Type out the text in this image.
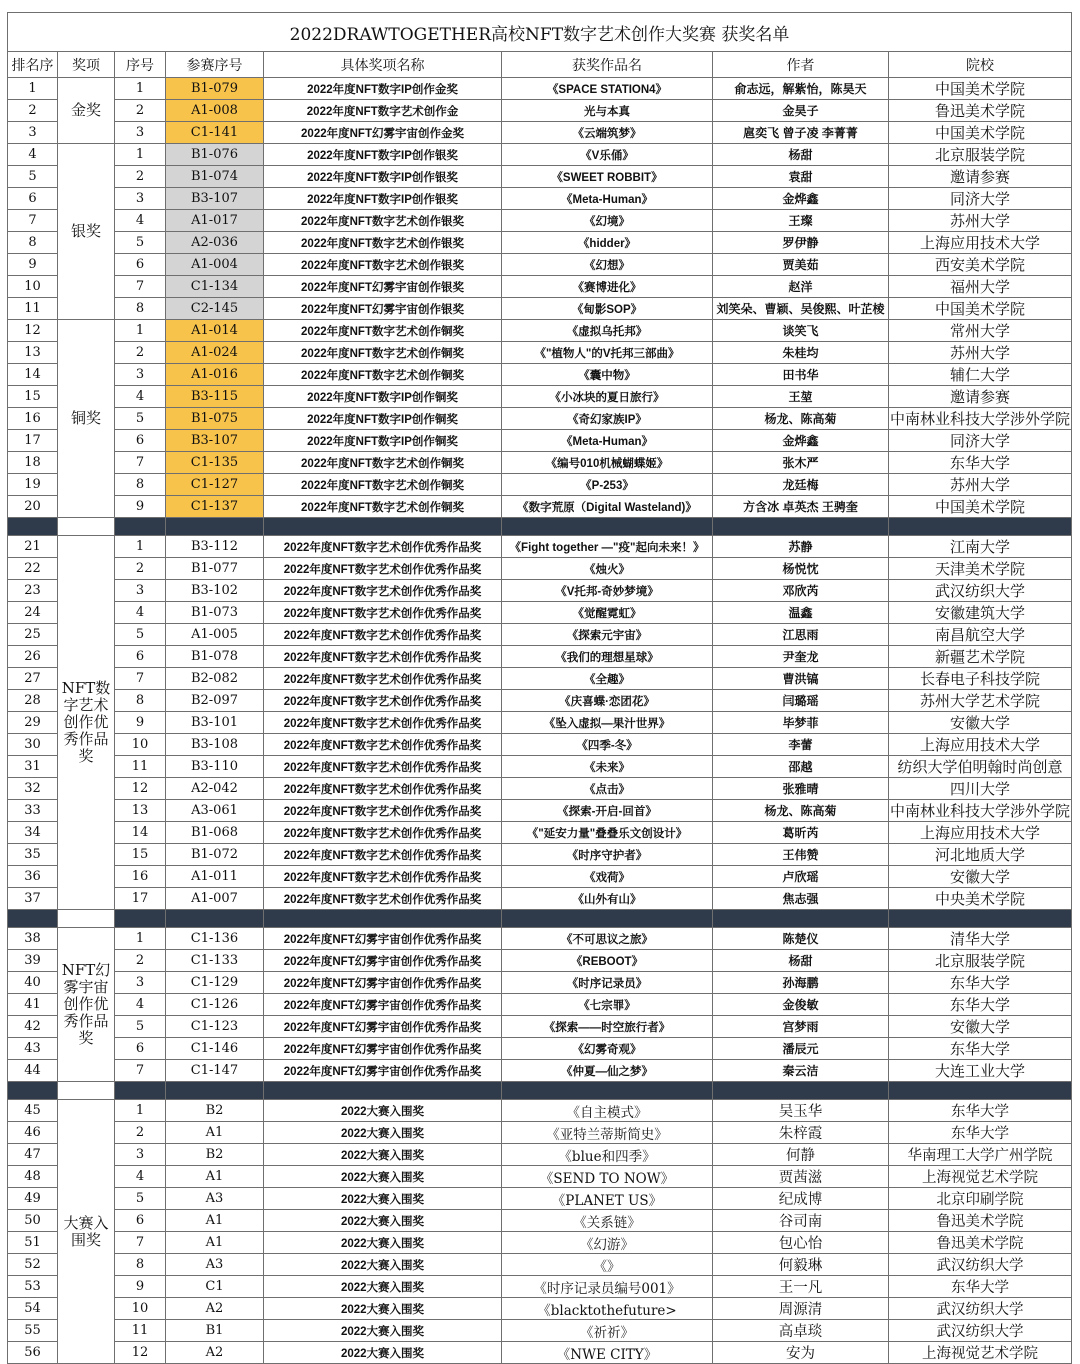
2022DRAWTOGETHER高校NFT数字艺术创作大奖赛 获奖名单							
排名序	奖项	序号	参赛序号	具体奖项名称	获奖作品名	作者	院校
1	金奖	1	B1-079	2022年度NFT数字IP创作金奖	《SPACE STATION4》	俞志远，解紫怡，陈昊天	中国美术学院
2		2	A1-008	2022年度NFT数字艺术创作金	光与本真	金昊子	鲁迅美术学院
3		3	C1-141	2022年度NFT幻雾宇宙创作金奖	《云端筑梦》	扈奕飞 曾子凌 李菁菁	中国美术学院
4	银奖	1	B1-076	2022年度NFT数字IP创作银奖	《V乐俑》	杨甜	北京服装学院
5		2	B1-074	2022年度NFT数字IP创作银奖	《SWEET ROBBIT》	袁甜	邀请参赛
6		3	B3-107	2022年度NFT数字IP创作银奖	《Meta-Human》	金烨鑫	同济大学
7		4	A1-017	2022年度NFT数字艺术创作银奖	《幻境》	王璨	苏州大学
8		5	A2-036	2022年度NFT数字艺术创作银奖	《hidder》	罗伊静	上海应用技术大学
9		6	A1-004	2022年度NFT数字艺术创作银奖	《幻想》	贾美茹	西安美术学院
10		7	C1-134	2022年度NFT幻雾宇宙创作银奖	《赛博进化》	赵洋	福州大学
11		8	C2-145	2022年度NFT幻雾宇宙创作银奖	《甸影SOP》	刘笑朵、曹颖、吴俊熙、叶芷棱	中国美术学院
12	铜奖	1	A1-014	2022年度NFT数字艺术创作铜奖	《虚拟乌托邦》	谈笑飞	常州大学
13		2	A1-024	2022年度NFT数字艺术创作铜奖	《"植物人"的V托邦三部曲》	朱桂均	苏州大学
14		3	A1-016	2022年度NFT数字艺术创作铜奖	《囊中物》	田书华	辅仁大学
15		4	B3-115	2022年度NFT数字IP创作铜奖	《小冰块的夏日旅行》	王堃	邀请参赛
16		5	B1-075	2022年度NFT数字IP创作铜奖	《奇幻家族IP》	杨龙、陈高菊	中南林业科技大学涉外学院
17		6	B3-107	2022年度NFT数字IP创作铜奖	《Meta-Human》	金烨鑫	同济大学
18		7	C1-135	2022年度NFT数字艺术创作铜奖	《编号010机械蝴蝶姬》	张木严	东华大学
19		8	C1-127	2022年度NFT数字艺术创作铜奖	《P-253》	龙廷梅	苏州大学
20		9	C1-137	2022年度NFT数字艺术创作铜奖	《数字荒原（Digital Wasteland)》	方含冰 卓英杰 王骋奎	中国美术学院

21	NFT数字艺术创作优秀作品奖	1	B3-112	2022年度NFT数字艺术创作优秀作品奖	《Fight together —"疫"起向未来！》	苏静	江南大学
22		2	B1-077	2022年度NFT数字艺术创作优秀作品奖	《烛火》	杨悦忱	天津美术学院
23		3	B3-102	2022年度NFT数字艺术创作优秀作品奖	《V托邦-奇妙梦境》	邓欣芮	武汉纺织大学
24		4	B1-073	2022年度NFT数字艺术创作优秀作品奖	《觉醒霓虹》	温鑫	安徽建筑大学
25		5	A1-005	2022年度NFT数字艺术创作优秀作品奖	《探索元宇宙》	江思雨	南昌航空大学
26		6	B1-078	2022年度NFT数字艺术创作优秀作品奖	《我们的理想星球》	尹奎龙	新疆艺术学院
27		7	B2-082	2022年度NFT数字艺术创作优秀作品奖	《全趣》	曹洪镐	长春电子科技学院
28		8	B2-097	2022年度NFT数字艺术创作优秀作品奖	《庆喜蝶·恋团花》	闫璐瑶	苏州大学艺术学院
29		9	B3-101	2022年度NFT数字艺术创作优秀作品奖	《坠入虚拟—果汁世界》	毕梦菲	安徽大学
30		10	B3-108	2022年度NFT数字艺术创作优秀作品奖	《四季-冬》	李蕾	上海应用技术大学
31		11	B3-110	2022年度NFT数字艺术创作优秀作品奖	《未来》	邵越	纺织大学伯明翰时尚创意
32		12	A2-042	2022年度NFT数字艺术创作优秀作品奖	《点击》	张雅晴	四川大学
33		13	A3-061	2022年度NFT数字艺术创作优秀作品奖	《探索-开启-回首》	杨龙、陈高菊	中南林业科技大学涉外学院
34		14	B1-068	2022年度NFT数字艺术创作优秀作品奖	《"延安力量"叠叠乐文创设计》	葛昕芮	上海应用技术大学
35		15	B1-072	2022年度NFT数字艺术创作优秀作品奖	《时序守护者》	王伟赞	河北地质大学
36		16	A1-011	2022年度NFT数字艺术创作优秀作品奖	《戏荷》	卢欣瑶	安徽大学
37		17	A1-007	2022年度NFT数字艺术创作优秀作品奖	《山外有山》	焦志强	中央美术学院

38	NFT幻雾宇宙创作优秀作品奖	1	C1-136	2022年度NFT幻雾宇宙创作优秀作品奖	《不可思议之旅》	陈楚仪	清华大学
39		2	C1-133	2022年度NFT幻雾宇宙创作优秀作品奖	《REBOOT》	杨甜	北京服装学院
40		3	C1-129	2022年度NFT幻雾宇宙创作优秀作品奖	《时序记录员》	孙海鹏	东华大学
41		4	C1-126	2022年度NFT幻雾宇宙创作优秀作品奖	《七宗罪》	金俊敏	东华大学
42		5	C1-123	2022年度NFT幻雾宇宙创作优秀作品奖	《探索——时空旅行者》	宫梦雨	安徽大学
43		6	C1-146	2022年度NFT幻雾宇宙创作优秀作品奖	《幻雾奇观》	潘辰元	东华大学
44		7	C1-147	2022年度NFT幻雾宇宙创作优秀作品奖	《仲夏—仙之梦》	秦云洁	大连工业大学

45	大赛入围奖	1	B2	2022大赛入围奖	《自主模式》	吴玉华	东华大学
46		2	A1	2022大赛入围奖	《亚特兰蒂斯简史》	朱梓霞	东华大学
47		3	B2	2022大赛入围奖	《blue和四季》	何静	华南理工大学广州学院
48		4	A1	2022大赛入围奖	《SEND TO NOW》	贾茜滋	上海视觉艺术学院
49		5	A3	2022大赛入围奖	《PLANET US》	纪成博	北京印刷学院
50		6	A1	2022大赛入围奖	《关系链》	谷司南	鲁迅美术学院
51		7	A1	2022大赛入围奖	《幻游》	包心怡	鲁迅美术学院
52		8	A3	2022大赛入围奖	《》	何毅琳	武汉纺织大学
53		9	C1	2022大赛入围奖	《时序记录员编号001》	王一凡	东华大学
54		10	A2	2022大赛入围奖	《blacktothefuture>	周源清	武汉纺织大学
55		11	B1	2022大赛入围奖	《祈祈》	高卓琰	武汉纺织大学
56		12	A2	2022大赛入围奖	《NWE CITY》	安为	上海视觉艺术学院
